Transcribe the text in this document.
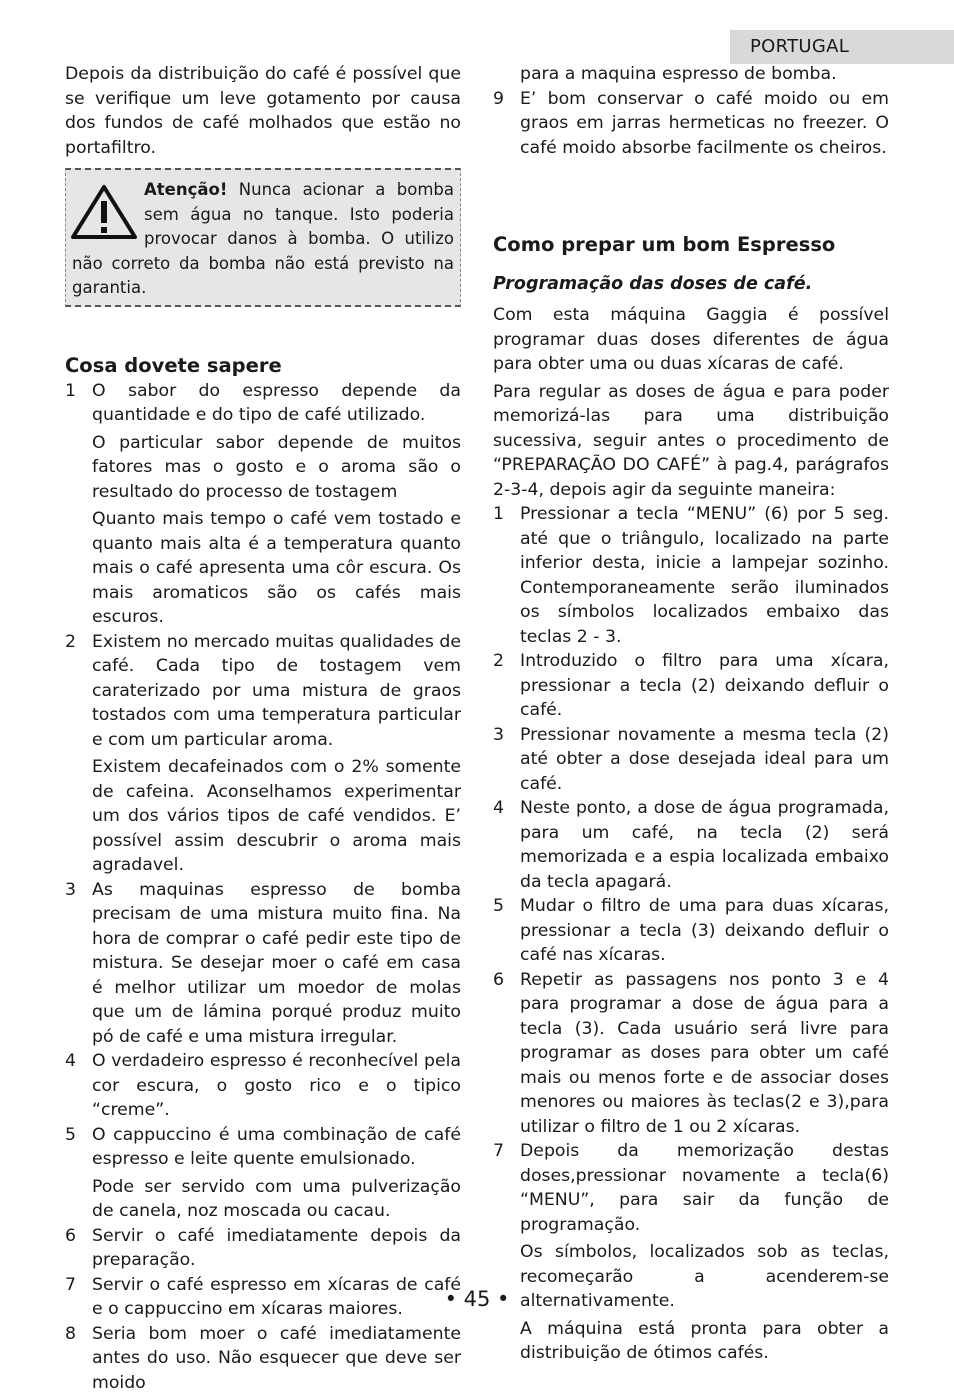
PORTUGAL

Depois da distribuição do café é possível que se verifique um leve gotamento por causa dos fundos de café molhados que estão no portafiltro.

Atenção! Nunca acionar a bomba sem água no tanque. Isto poderia provocar danos à bomba. O utilizo não correto da bomba não está previsto na garantia.

Cosa dovete sapere
1 O sabor do espresso depende da quantidade e do tipo de café utilizado.

O particular sabor depende de muitos fatores mas o gosto e o aroma são o resultado do processo de tostagem

Quanto mais tempo o café vem tostado e quanto mais alta é a temperatura quanto mais o café apresenta uma côr escura. Os mais aromaticos são os cafés mais escuros.

2 Existem no mercado muitas qualidades de café. Cada tipo de tostagem vem caraterizado por uma mistura de graos tostados com uma temperatura particular e com um particular aroma.

Existem decafeinados com o 2% somente de cafeina. Aconselhamos experimentar um dos vários tipos de café vendidos. E’ possível assim descubrir o aroma mais agradavel.

3 As maquinas espresso de bomba precisam de uma mistura muito fina. Na hora de comprar o café pedir este tipo de mistura. Se desejar moer o café em casa é melhor utilizar um moedor de molas que um de lámina porqué produz muito pó de café e uma mistura irregular.

4 O verdadeiro espresso é reconhecível pela cor escura, o gosto rico e o tipico “creme”.

5 O cappuccino é uma combinação de café espresso e leite quente emulsionado.

Pode ser servido com uma pulverização de canela, noz moscada ou cacau.

6 Servir o café imediatamente depois da preparação.

7 Servir o café espresso em xícaras de café e o cappuccino em xícaras maiores.

8 Seria bom moer o café imediatamente antes do uso. Não esquecer que deve ser moido

para a maquina espresso de bomba.

9 E’ bom conservar o café moido ou em graos em jarras hermeticas no freezer. O café moido absorbe facilmente os cheiros.

Como prepar um bom Espresso
Programação das doses de café.

Com esta máquina Gaggia é possível programar duas doses diferentes de água para obter uma ou duas xícaras de café.

Para regular as doses de água e para poder memorizá-las para uma distribuição sucessiva, seguir antes o procedimento de “PREPARAÇÃO DO CAFÉ” à pag.4, parágrafos 2-3-4, depois agir da seguinte maneira:

1 Pressionar a tecla “MENU” (6) por 5 seg. até que o triângulo, localizado na parte inferior desta, inicie a lampejar sozinho. Contemporaneamente serão iluminados os símbolos localizados embaixo das teclas 2 - 3.

2 Introduzido o filtro para uma xícara, pressionar a tecla (2) deixando defluir o café.

3 Pressionar novamente a mesma tecla (2) até obter a dose desejada ideal para um café.

4 Neste ponto, a dose de água programada, para um café, na tecla (2) será memorizada e a espia localizada embaixo da tecla apagará.

5 Mudar o filtro de uma para duas xícaras, pressionar a tecla (3) deixando defluir o café nas xícaras.

6 Repetir as passagens nos ponto 3 e 4 para programar a dose de água para a tecla (3). Cada usuário será livre para programar as doses para obter um café mais ou menos forte e de associar doses menores ou maiores às teclas(2 e 3),para utilizar o filtro de 1 ou 2 xícaras.

7 Depois da memorização destas doses,pressionar novamente a tecla(6) “MENU”, para sair da função de programação.

Os símbolos, localizados sob as teclas, recomeçarão a acenderem-se alternativamente.

A máquina está pronta para obter a distribuição de ótimos cafés.

• 45 •
